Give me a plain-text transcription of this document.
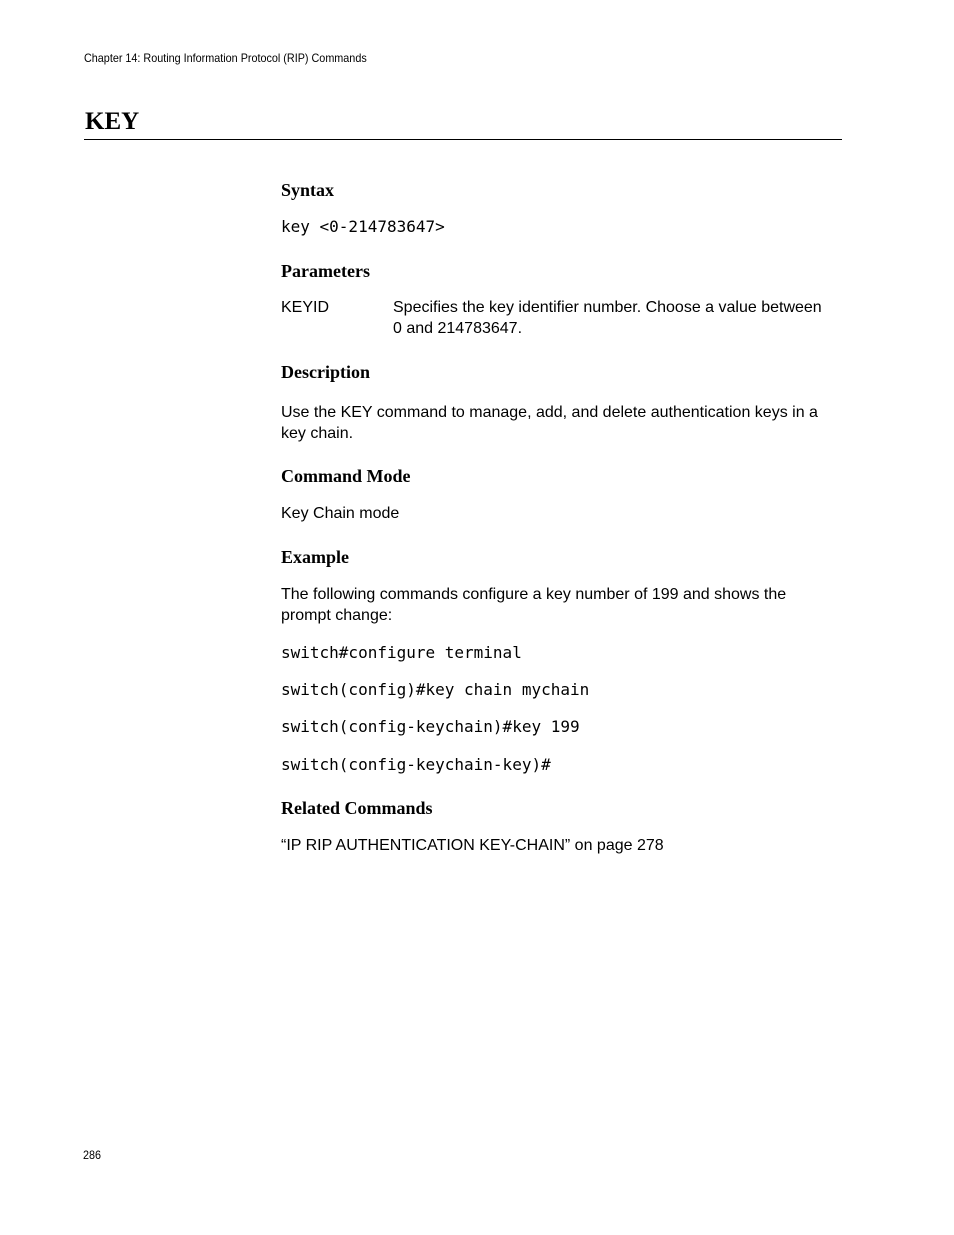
Chapter 14: Routing Information Protocol (RIP) Commands
KEY
Syntax
key <0-214783647>
Parameters
KEYID	Specifies the key identifier number. Choose a value between 0 and 214783647.
Description

Use the KEY command to manage, add, and delete authentication keys in a key chain.

Command Mode

Key Chain mode

Example

The following commands configure a key number of 199 and shows the prompt change:

switch#configure terminal
switch(config)#key chain mychain
switch(config-keychain)#key 199
switch(config-keychain-key)#
Related Commands

“IP RIP AUTHENTICATION KEY-CHAIN” on page 278

286
